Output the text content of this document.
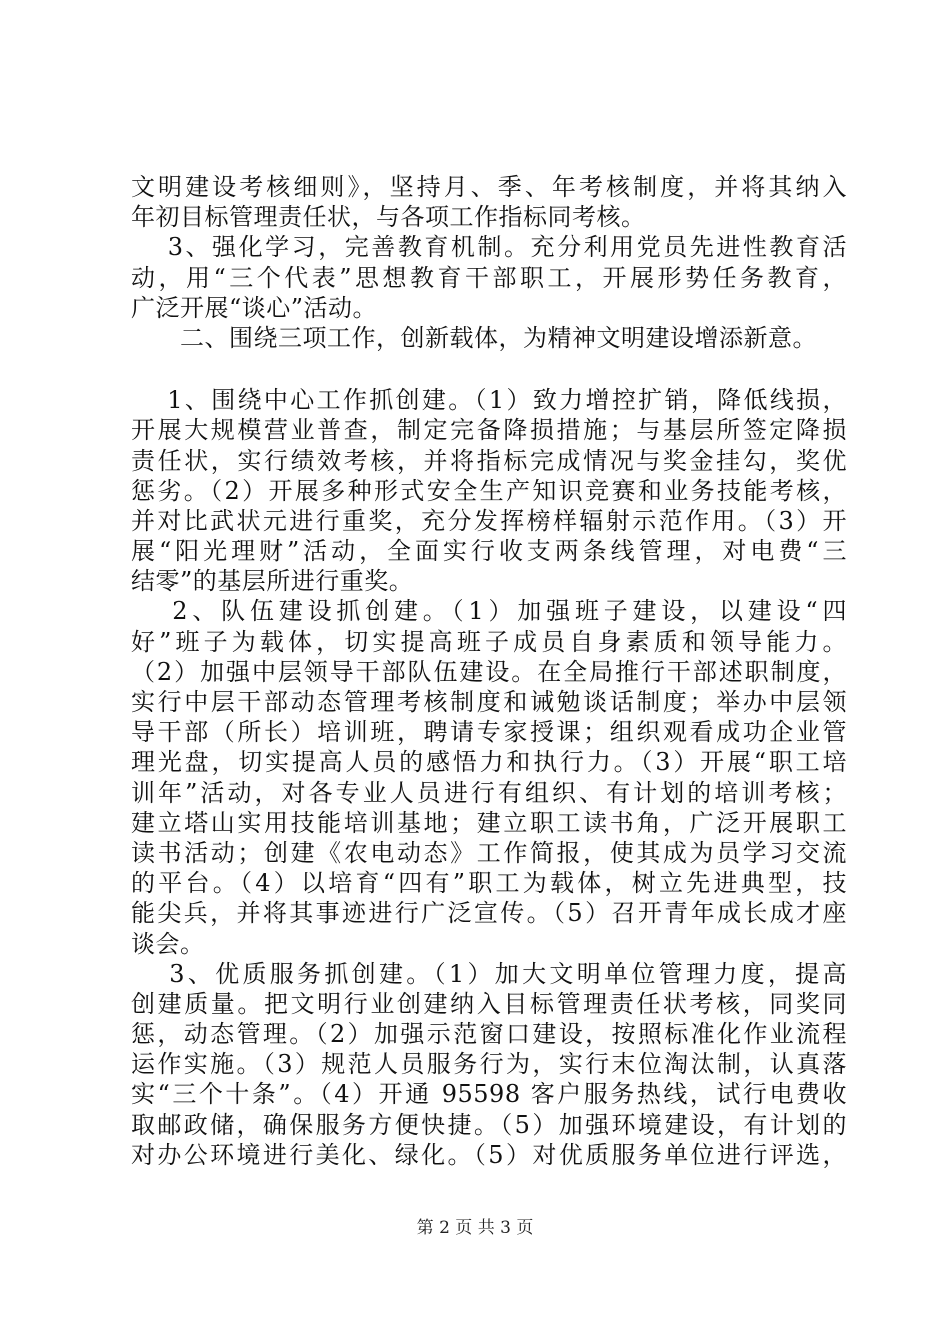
文明建设考核细则》，坚持月、季、年考核制度，并将其纳入
年初目标管理责任状，与各项工作指标同考核。
　 3、强化学习，完善教育机制。充分利用党员先进性教育活
动，用“三个代表”思想教育干部职工，开展形势任务教育，
广泛开展“谈心”活动。
　　二、围绕三项工作，创新载体，为精神文明建设增添新意。
　 1、围绕中心工作抓创建。（1）致力增控扩销，降低线损，
开展大规模营业普查，制定完备降损措施；与基层所签定降损
责任状，实行绩效考核，并将指标完成情况与奖金挂勾，奖优
惩劣。（2）开展多种形式安全生产知识竞赛和业务技能考核，
并对比武状元进行重奖，充分发挥榜样辐射示范作用。（3）开
展“阳光理财”活动，全面实行收支两条线管理，对电费“三
结零”的基层所进行重奖。
　 2、队伍建设抓创建。（1）加强班子建设，以建设“四
好”班子为载体，切实提高班子成员自身素质和领导能力。
（2）加强中层领导干部队伍建设。在全局推行干部述职制度，
实行中层干部动态管理考核制度和诫勉谈话制度；举办中层领
导干部（所长）培训班，聘请专家授课；组织观看成功企业管
理光盘，切实提高人员的感悟力和执行力。（3）开展“职工培
训年”活动，对各专业人员进行有组织、有计划的培训考核；
建立塔山实用技能培训基地；建立职工读书角，广泛开展职工
读书活动；创建《农电动态》工作简报，使其成为员学习交流
的平台。（4）以培育“四有”职工为载体，树立先进典型，技
能尖兵，并将其事迹进行广泛宣传。（5）召开青年成长成才座
谈会。
　 3、优质服务抓创建。（1）加大文明单位管理力度，提高
创建质量。把文明行业创建纳入目标管理责任状考核，同奖同
惩，动态管理。（2）加强示范窗口建设，按照标准化作业流程
运作实施。（3）规范人员服务行为，实行末位淘汰制，认真落
实“三个十条”。（4）开通 95598 客户服务热线，试行电费收
取邮政储，确保服务方便快捷。（5）加强环境建设，有计划的
对办公环境进行美化、绿化。（5）对优质服务单位进行评选，
第 2 页 共 3 页
